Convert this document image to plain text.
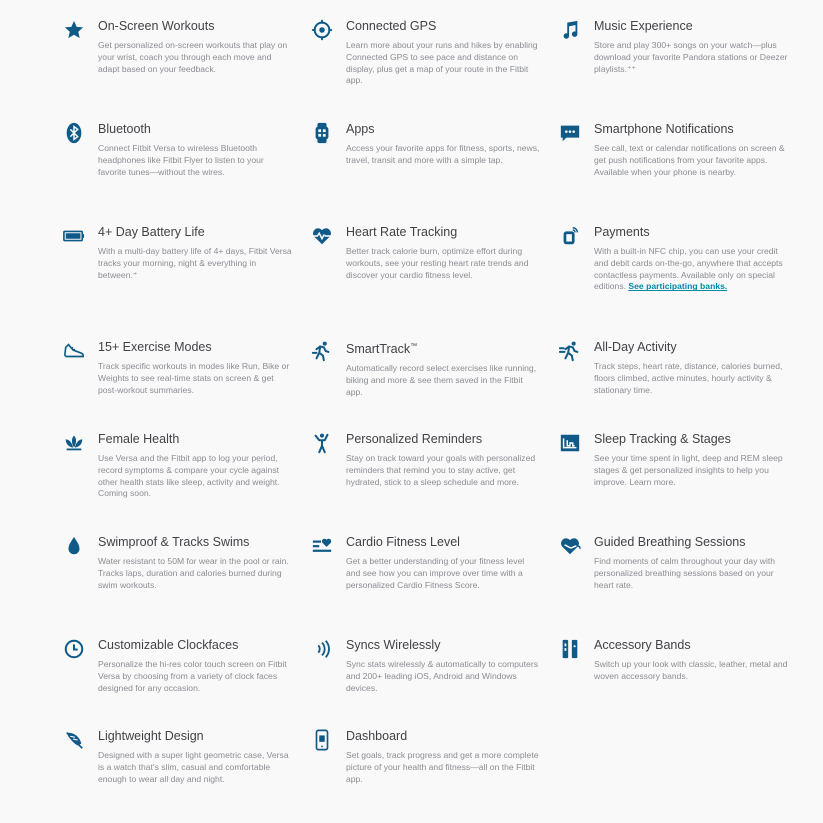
On-Screen Workouts

Get personalized on-screen workouts that play on your wrist, coach you through each move and adapt based on your feedback.

Connected GPS

Learn more about your runs and hikes by enabling Connected GPS to see pace and distance on display, plus get a map of your route in the Fitbit app.

Music Experience

Store and play 300+ songs on your watch—plus download your favorite Pandora stations or Deezer playlists.⁺⁺

Bluetooth

Connect Fitbit Versa to wireless Bluetooth headphones like Fitbit Flyer to listen to your favorite tunes—without the wires.

Apps

Access your favorite apps for fitness, sports, news, travel, transit and more with a simple tap.

Smartphone Notifications

See call, text or calendar notifications on screen & get push notifications from your favorite apps. Available when your phone is nearby.

4+ Day Battery Life

With a multi-day battery life of 4+ days, Fitbit Versa tracks your morning, night & everything in between.⁺

Heart Rate Tracking

Better track calorie burn, optimize effort during workouts, see your resting heart rate trends and discover your cardio fitness level.

Payments

With a built-in NFC chip, you can use your credit and debit cards on-the-go, anywhere that accepts contactless payments. Available only on special editions. See participating banks.

15+ Exercise Modes

Track specific workouts in modes like Run, Bike or Weights to see real-time stats on screen & get post-workout summaries.

SmartTrack™

Automatically record select exercises like running, biking and more & see them saved in the Fitbit app.

All-Day Activity

Track steps, heart rate, distance, calories burned, floors climbed, active minutes, hourly activity & stationary time.

Female Health

Use Versa and the Fitbit app to log your period, record symptoms & compare your cycle against other health stats like sleep, activity and weight. Coming soon.

Personalized Reminders

Stay on track toward your goals with personalized reminders that remind you to stay active, get hydrated, stick to a sleep schedule and more.

Sleep Tracking & Stages

See your time spent in light, deep and REM sleep stages & get personalized insights to help you improve. Learn more.

Swimproof & Tracks Swims

Water resistant to 50M for wear in the pool or rain. Tracks laps, duration and calories burned during swim workouts.

Cardio Fitness Level

Get a better understanding of your fitness level and see how you can improve over time with a personalized Cardio Fitness Score.

Guided Breathing Sessions

Find moments of calm throughout your day with personalized breathing sessions based on your heart rate.

Customizable Clockfaces

Personalize the hi-res color touch screen on Fitbit Versa by choosing from a variety of clock faces designed for any occasion.

Syncs Wirelessly

Sync stats wirelessly & automatically to computers and 200+ leading iOS, Android and Windows devices.

Accessory Bands

Switch up your look with classic, leather, metal and woven accessory bands.

Lightweight Design

Designed with a super light geometric case, Versa is a watch that's slim, casual and comfortable enough to wear all day and night.

Dashboard

Set goals, track progress and get a more complete picture of your health and fitness—all on the Fitbit app.
